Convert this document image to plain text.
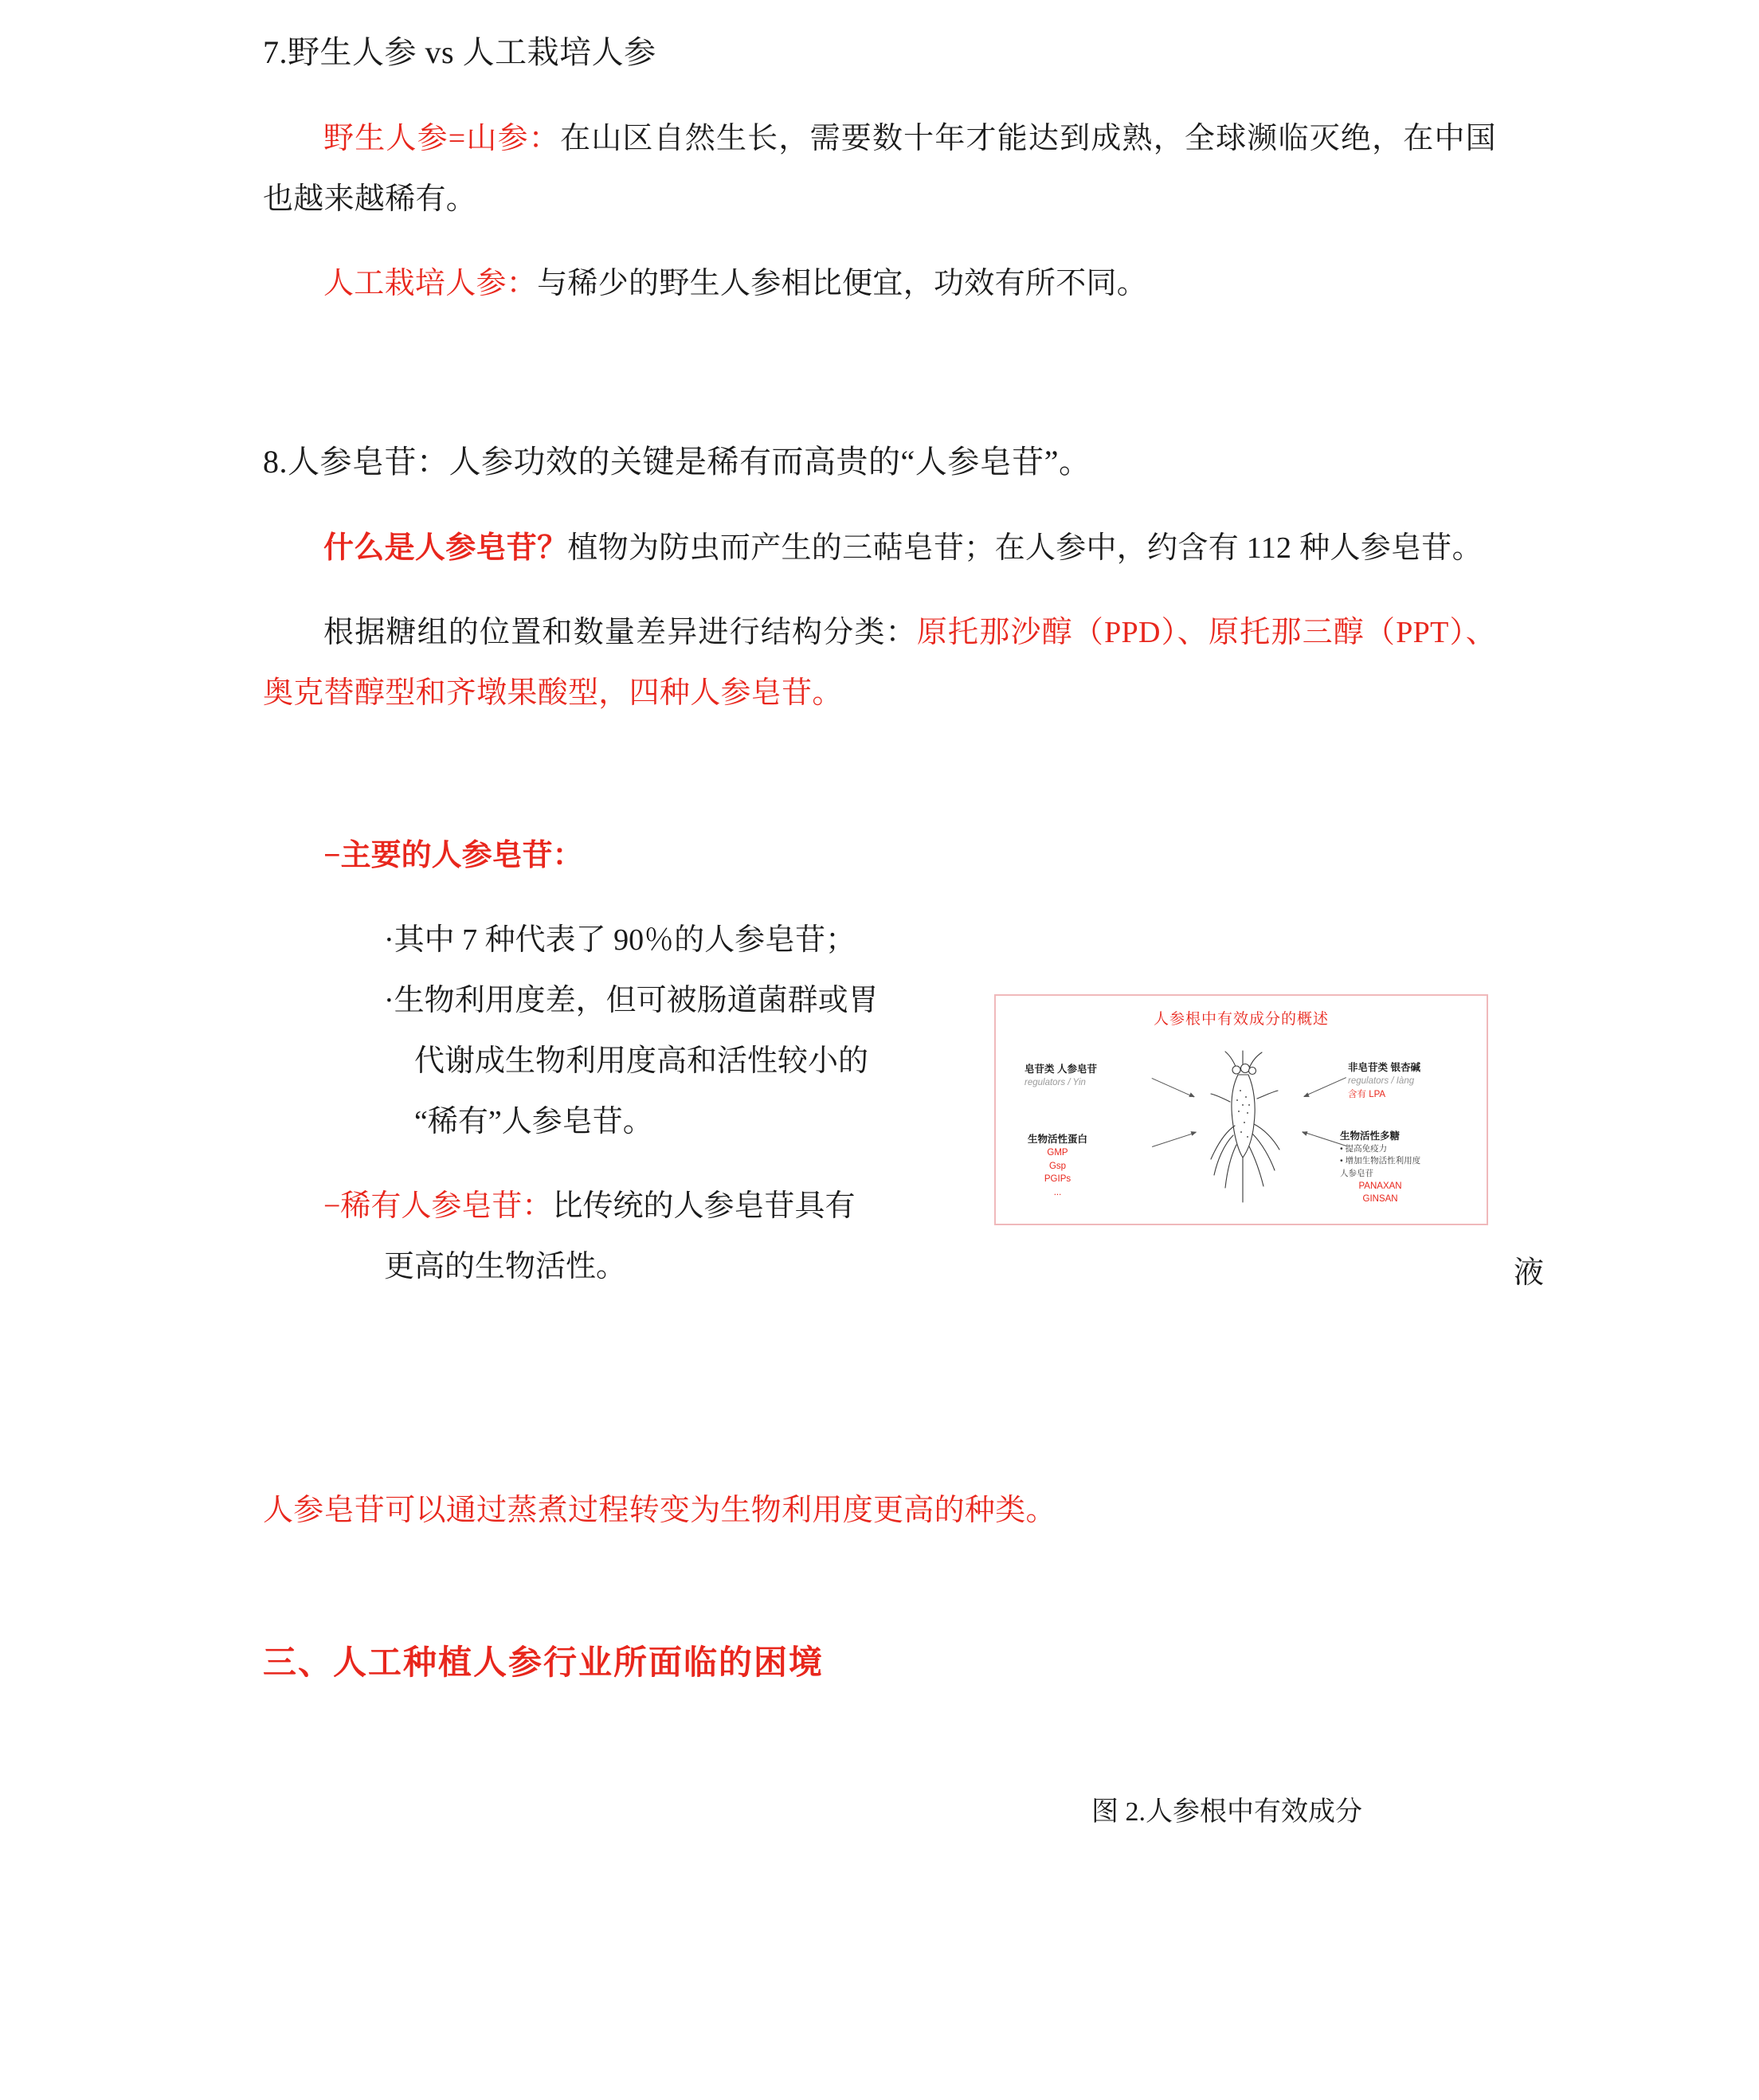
7.野生人参 vs 人工栽培人参

野生人参=山参：在山区自然生长，需要数十年才能达到成熟，全球濒临灭绝，在中国也越来越稀有。

人工栽培人参：与稀少的野生人参相比便宜，功效有所不同。

8.人参皂苷：人参功效的关键是稀有而高贵的“人参皂苷”。

什么是人参皂苷？植物为防虫而产生的三萜皂苷；在人参中，约含有 112 种人参皂苷。

根据糖组的位置和数量差异进行结构分类：原托那沙醇（PPD）、原托那三醇（PPT）、奥克替醇型和齐墩果酸型，四种人参皂苷。

−主要的人参皂苷：
·其中 7 种代表了 90％的人参皂苷；
·生物利用度差，但可被肠道菌群或胃
代谢成生物利用度高和活性较小的
“稀有”人参皂苷。
−稀有人参皂苷：比传统的人参皂苷具有
更高的生物活性。

人参皂苷可以通过蒸煮过程转变为生物利用度更高的种类。

三、人工种植人参行业所面临的困境
液
人参根中有效成分的概述
皂苷类 人参皂苷
regulators / Yin
非皂苷类 银杏碱
regulators / Iàng
含有 LPA
生物活性蛋白
GMP
Gsp
PGIPs
...
生物活性多糖
• 提高免疫力
• 增加生物活性利用度
人参皂苷
PANAXAN
GINSAN
图 2.人参根中有效成分
